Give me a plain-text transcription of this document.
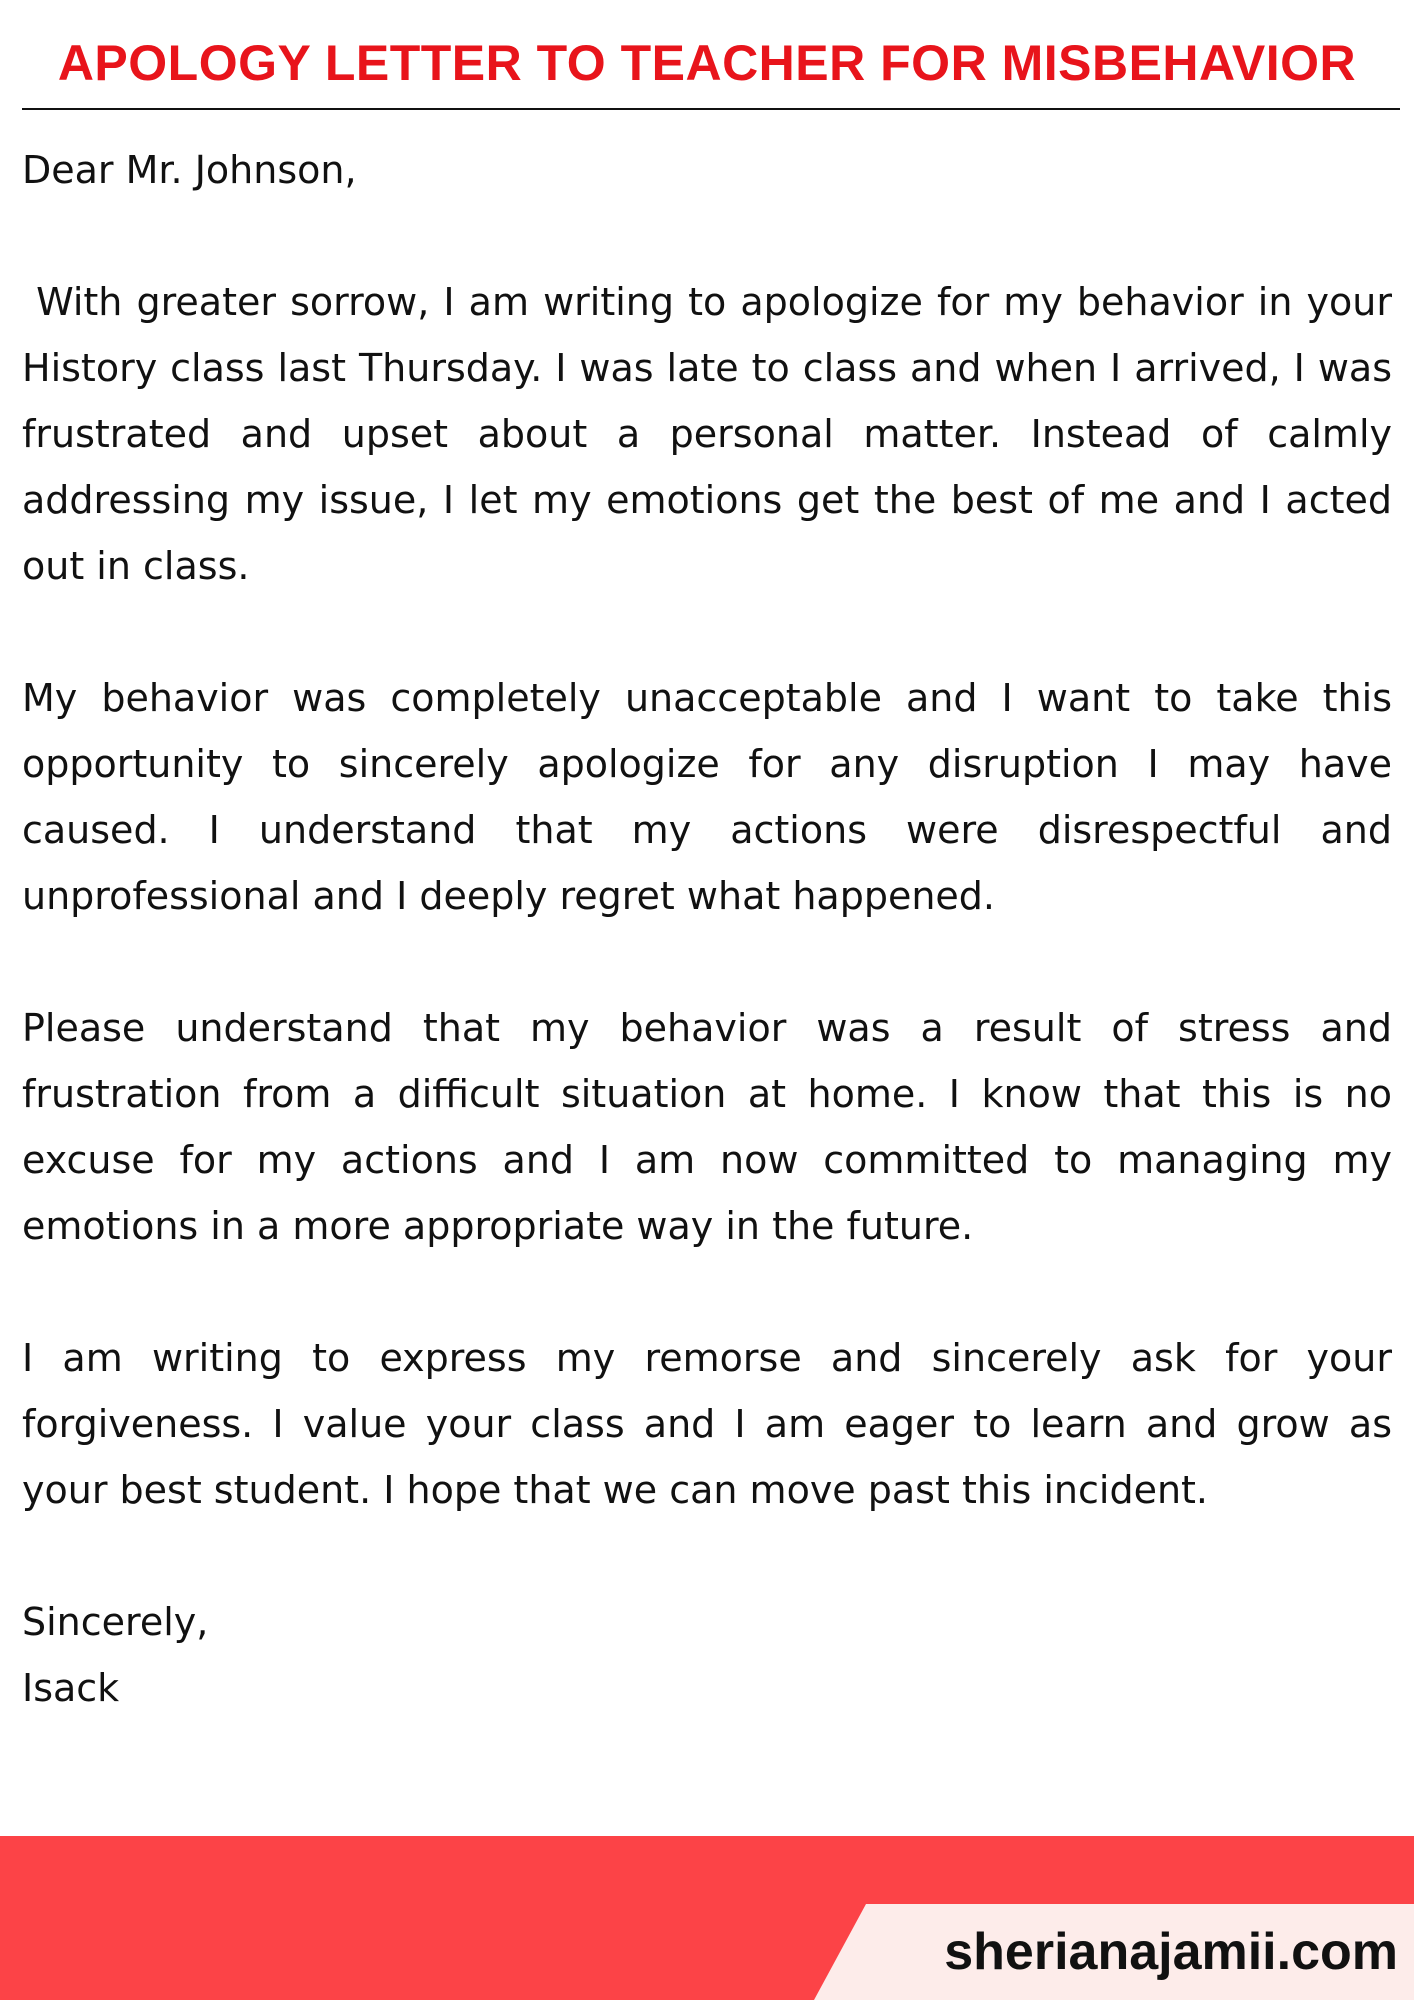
APOLOGY LETTER TO TEACHER FOR MISBEHAVIOR

Dear Mr. Johnson,

With greater sorrow, I am writing to apologize for my behavior in your History class last Thursday. I was late to class and when I arrived, I was frustrated and upset about a personal matter. Instead of calmly addressing my issue, I let my emotions get the best of me and I acted out in class.

My behavior was completely unacceptable and I want to take this opportunity to sincerely apologize for any disruption I may have caused. I understand that my actions were disrespectful and unprofessional and I deeply regret what happened.

Please understand that my behavior was a result of stress and frustration from a difficult situation at home. I know that this is no excuse for my actions and I am now committed to managing my emotions in a more appropriate way in the future.

I am writing to express my remorse and sincerely ask for your forgiveness. I value your class and I am eager to learn and grow as your best student. I hope that we can move past this incident.

Sincerely,

Isack

sherianajamii.com
